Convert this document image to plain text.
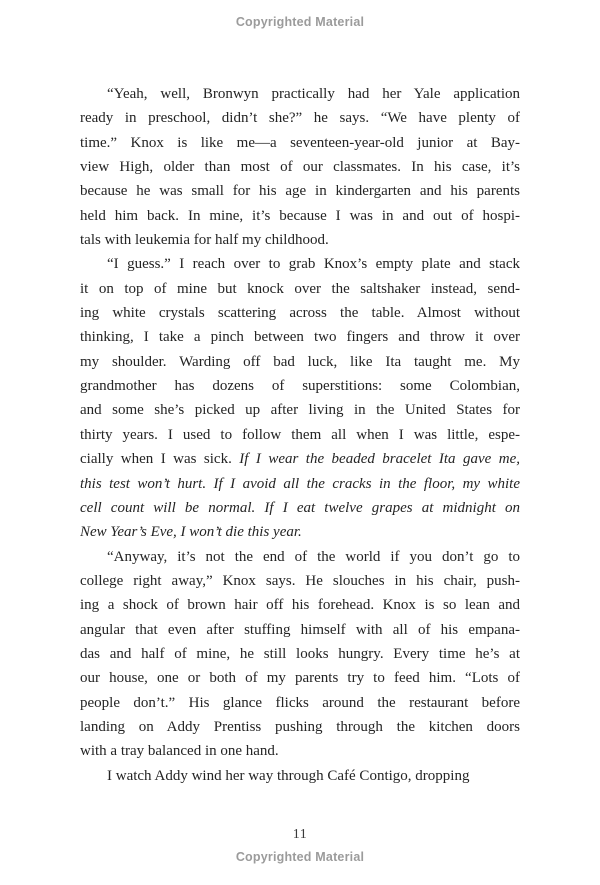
Copyrighted Material
“Yeah, well, Bronwyn practically had her Yale application
ready in preschool, didn’t she?” he says. “We have plenty of
time.” Knox is like me—a seventeen-year-old junior at Bay-
view High, older than most of our classmates. In his case, it’s
because he was small for his age in kindergarten and his parents
held him back. In mine, it’s because I was in and out of hospi-
tals with leukemia for half my childhood.
“I guess.” I reach over to grab Knox’s empty plate and stack
it on top of mine but knock over the saltshaker instead, send-
ing white crystals scattering across the table. Almost without
thinking, I take a pinch between two fingers and throw it over
my shoulder. Warding off bad luck, like Ita taught me. My
grandmother has dozens of superstitions: some Colombian,
and some she’s picked up after living in the United States for
thirty years. I used to follow them all when I was little, espe-
cially when I was sick. If I wear the beaded bracelet Ita gave me,
this test won’t hurt. If I avoid all the cracks in the floor, my white
cell count will be normal. If I eat twelve grapes at midnight on
New Year’s Eve, I won’t die this year.
“Anyway, it’s not the end of the world if you don’t go to
college right away,” Knox says. He slouches in his chair, push-
ing a shock of brown hair off his forehead. Knox is so lean and
angular that even after stuffing himself with all of his empana-
das and half of mine, he still looks hungry. Every time he’s at
our house, one or both of my parents try to feed him. “Lots of
people don’t.” His glance flicks around the restaurant before
landing on Addy Prentiss pushing through the kitchen doors
with a tray balanced in one hand.
I watch Addy wind her way through Café Contigo, dropping
11
Copyrighted Material
